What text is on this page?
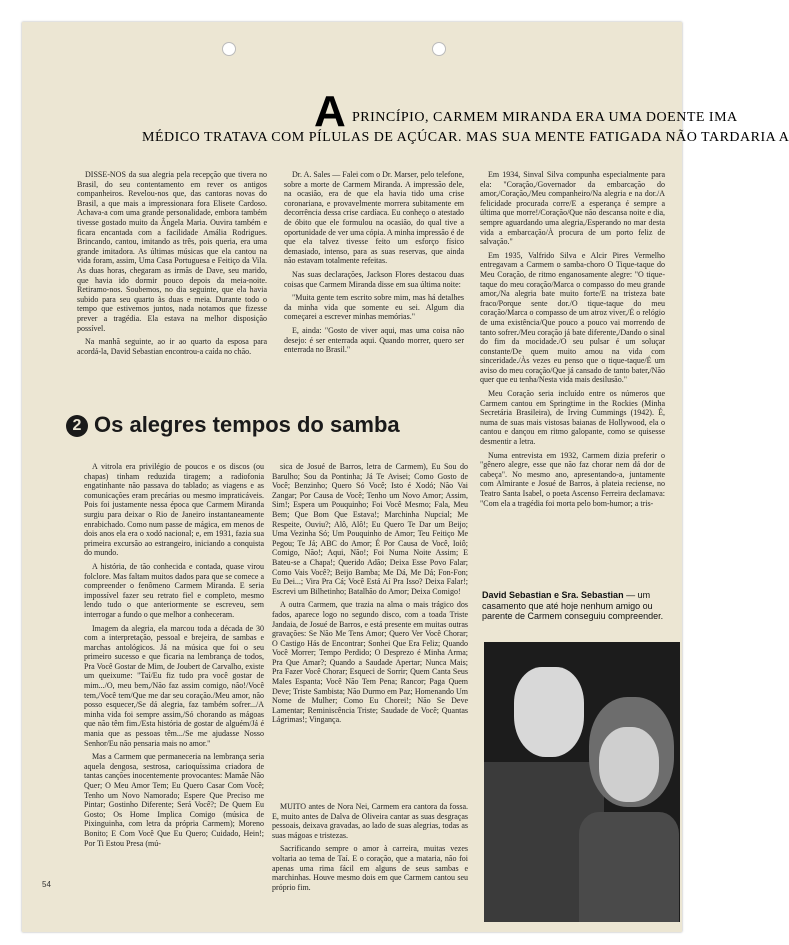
A PRINCÍPIO, CARMEM MIRANDA ERA UMA DOENTE IMA
MÉDICO TRATAVA COM PÍLULAS DE AÇÚCAR. MAS SUA MENTE FATIGADA NÃO TARDARIA A

DISSE-NOS da sua alegria pela recepção que tivera no Brasil, do seu contentamento em rever os antigos companheiros. Revelou-nos que, das cantoras novas do Brasil, a que mais a impressionara fora Elisete Cardoso. Achava-a com uma grande personalidade, embora também tivesse gostado muito da Ângela Maria. Ouvira também e ficara encantada com a facilidade Amália Rodrigues. Brincando, cantou, imitando as três, pois queria, era uma grande imitadora. As últimas músicas que ela cantou na vida foram, assim, Uma Casa Portuguesa e Feitiço da Vila. As duas horas, chegaram as irmãs de Dave, seu marido, que havia ido dormir pouco depois da meia-noite. Retiramo-nos. Soubemos, no dia seguinte, que ela havia subido para seu quarto às duas e meia. Durante todo o tempo que estivemos juntos, nada notamos que fizesse prever a tragédia. Ela estava na melhor disposição possível.

Na manhã seguinte, ao ir ao quarto da esposa para acordá-la, David Sebastian encontrou-a caída no chão.

Dr. A. Sales — Falei com o Dr. Marser, pelo telefone, sobre a morte de Carmem Miranda. A impressão dele, na ocasião, era de que ela havia tido uma crise coronariana, e provavelmente morrera subitamente em decorrência dessa crise cardíaca. Eu conheço o atestado de óbito que ele formulou na ocasião, do qual tive a oportunidade de ver uma cópia. A minha impressão é de que ela talvez tivesse feito um esforço físico demasiado, intenso, para as suas reservas, que ainda não estavam totalmente refeitas.

Nas suas declarações, Jackson Flores destacou duas coisas que Carmem Miranda disse em sua última noite:

"Muita gente tem escrito sobre mim, mas há detalhes da minha vida que somente eu sei. Algum dia começarei a escrever minhas memórias."

E, ainda: "Gosto de viver aqui, mas uma coisa não desejo: é ser enterrada aqui. Quando morrer, quero ser enterrada no Brasil."

Em 1934, Sinval Silva compunha especialmente para ela: "Coração,/Governador da embarcação do amor,/Coração,/Meu companheiro/Na alegria e na dor./A felicidade procurada corre/E a esperança é sempre a última que morre!/Coração/Que não descansa noite e dia, sempre aguardando uma alegria,/Esperando no mar desta vida a embarcação/À procura de um porto feliz de salvação."

Em 1935, Valfrido Silva e Alcir Pires Vermelho entregavam a Carmem o samba-choro O Tique-taque do Meu Coração, de ritmo enganosamente alegre: "O tique-taque do meu coração/Marca o compasso do meu grande amor,/Na alegria bate muito forte/E na tristeza bate fraco/Porque sente dor./O tique-taque do meu coração/Marca o compasso de um atroz viver,/É o relógio de uma existência/Que pouco a pouco vai morrendo de tanto sofrer./Meu coração já bate diferente,/Dando o sinal do fim da mocidade./O seu pulsar é um soluçar constante/De quem muito amou na vida com sinceridade./Às vezes eu penso que o tique-taque/É um aviso do meu coração/Que já cansado de tanto bater,/Não quer que eu tenha/Nesta vida mais desilusão."

Meu Coração seria incluído entre os números que Carmem cantou em Springtime in the Rockies (Minha Secretária Brasileira), de Irving Cummings (1942). É, numa de suas mais vistosas baianas de Hollywood, ela o cantou e dançou em ritmo galopante, como se quisesse desmentir a letra.

Numa entrevista em 1932, Carmem dizia preferir o "gênero alegre, esse que não faz chorar nem dá dor de cabeça". No mesmo ano, apresentando-a, juntamente com Almirante e Josué de Barros, à plateia reciense, no Teatro Santa Isabel, o poeta Ascenso Ferreira declamava: "Com ela a tragédia foi morta pelo bom-humor; a tris-

2 Os alegres tempos do samba

A vitrola era privilégio de poucos e os discos (ou chapas) tinham reduzida tiragem; a radiofonia engatinhante não passava do tablado; as viagens e as comunicações eram precárias ou mesmo impraticáveis. Pois foi justamente nessa época que Carmem Miranda surgiu para deixar o Rio de Janeiro instantaneamente enrabichado. Como num passe de mágica, em menos de dois anos ela era o xodó nacional; e, em 1931, fazia sua primeira excursão ao estrangeiro, iniciando a conquista do mundo.

A história, de tão conhecida e contada, quase virou folclore. Mas faltam muitos dados para que se comece a compreender o fenômeno Carmem Miranda. E seria impossível fazer seu retrato fiel e completo, mesmo lendo tudo o que anteriormente se escreveu, sem interrogar a fundo o que melhor a conheceram.

Imagem da alegria, ela marcou toda a década de 30 com a interpretação, pessoal e brejeira, de sambas e marchas antológicos. Já na música que foi o seu primeiro sucesso e que ficaria na lembrança de todos, Pra Você Gostar de Mim, de Joubert de Carvalho, existe um queixume: "Taí/Eu fiz tudo pra você gostar de mim.../O, meu bem,/Não faz assim comigo, não!/Você tem,/Você tem/Que me dar seu coração./Meu amor, não posso esquecer,/Se dá alegria, faz também sofrer.../A minha vida foi sempre assim,/Só chorando as mágoas que não têm fim./Esta história de gostar de alguém/Já é mania que as pessoas têm.../Se me ajudasse Nosso Senhor/Eu não pensaria mais no amor."

Mas a Carmem que permaneceria na lembrança seria aquela dengosa, sestrosa, carioquíssima criadora de tantas canções inocentemente provocantes: Mamãe Não Quer; O Meu Amor Tem; Eu Quero Casar Com Você; Tenho um Novo Namorado; Espere Que Preciso me Pintar; Gostinho Diferente; Será Você?; De Quem Eu Gosto; Os Home Implica Comigo (música de Pixinguinha, com letra da própria Carmem); Moreno Bonito; E Com Você Que Eu Quero; Cuidado, Hein!; Por Ti Estou Presa (mú-

sica de Josué de Barros, letra de Carmem), Eu Sou do Barulho; Sou da Pontinha; Já Te Avisei; Como Gosto de Você; Benzinho; Quero Só Você; Isto é Xodó; Não Vai Zangar; Por Causa de Você; Tenho um Novo Amor; Assim, Sim!; Espera um Pouquinho; Foi Você Mesmo; Fala, Meu Bem; Que Bom Que Estava!; Marchinha Nupcial; Me Respeite, Ouviu?; Alô, Alô!; Eu Quero Te Dar um Beijo; Uma Vezinha Só; Um Pouquinho de Amor; Teu Feitiço Me Pegou; Te Já; ABC do Amor; É Por Causa de Você, Ioiô; Comigo, Não!; Aqui, Não!; Foi Numa Noite Assim; E Bateu-se a Chapa!; Querido Adão; Deixa Esse Povo Falar; Como Vais Você?; Beijo Bamba; Me Dá, Me Dá; Fon-Fon; Eu Dei...; Vira Pra Cá; Você Está Aí Pra Isso? Deixa Falar!; Escrevi um Bilhetinho; Batalhão do Amor; Deixa Comigo!

A outra Carmem, que trazia na alma o mais trágico dos fados, aparece logo no segundo disco, com a toada Triste Jandaia, de Josué de Barros, e está presente em muitas outras gravações: Se Não Me Tens Amor; Quero Ver Você Chorar; O Castigo Hás de Encontrar; Sonhei Que Era Feliz; Quando Você Morrer; Tempo Perdido; O Desprezo é Minha Arma; Pra Que Amar?; Quando a Saudade Apertar; Nunca Mais; Pra Fazer Você Chorar; Esqueci de Sorrir; Quem Canta Seus Males Espanta; Você Não Tem Pena; Rancor; Paga Quem Deve; Triste Sambista; Não Durmo em Paz; Homenando Um Nome de Mulher; Como Eu Chorei!; Não Se Deve Lamentar; Reminiscência Triste; Saudade de Você; Quantas Lágrimas!; Vingança.

MUITO antes de Nora Nei, Carmem era cantora da fossa. E, muito antes de Dalva de Oliveira cantar as suas desgraças pessoais, deixava gravadas, ao lado de suas alegrias, todas as suas mágoas e tristezas.

Sacrificando sempre o amor à carreira, muitas vezes voltaria ao tema de Taí. E o coração, que a mataria, não foi apenas uma rima fácil em alguns de seus sambas e marchinhas. Houve mesmo dois em que Carmem cantou seu próprio fim.

David Sebastian e Sra. Sebastian — um casamento que até hoje nenhum amigo ou parente de Carmem conseguiu compreender.
54
